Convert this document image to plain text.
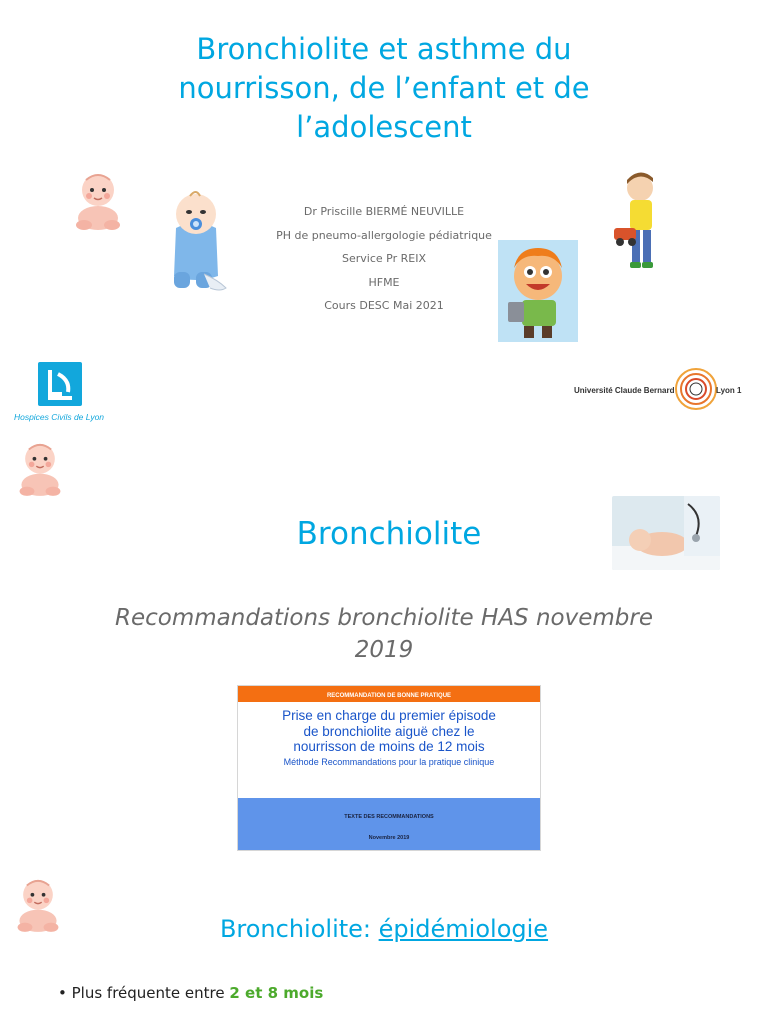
Bronchiolite et asthme du
nourrisson, de l’enfant et de
l’adolescent
Dr Priscille BIERMÉ NEUVILLE
PH de pneumo-allergologie pédiatrique
Service Pr REIX
HFME
Cours DESC Mai 2021
Hospices Civils de Lyon
Université Claude Bernard	Lyon 1
Bronchiolite

Recommandations bronchiolite HAS novembre
2019

RECOMMANDATION DE BONNE PRATIQUE
Prise en charge du premier épisode
de bronchiolite aiguë chez le
nourrisson de moins de 12 mois
Méthode Recommandations pour la pratique clinique
TEXTE DES RECOMMANDATIONS
Novembre 2019
Bronchiolite: épidémiologie
• Plus fréquente entre 2 et 8 mois
